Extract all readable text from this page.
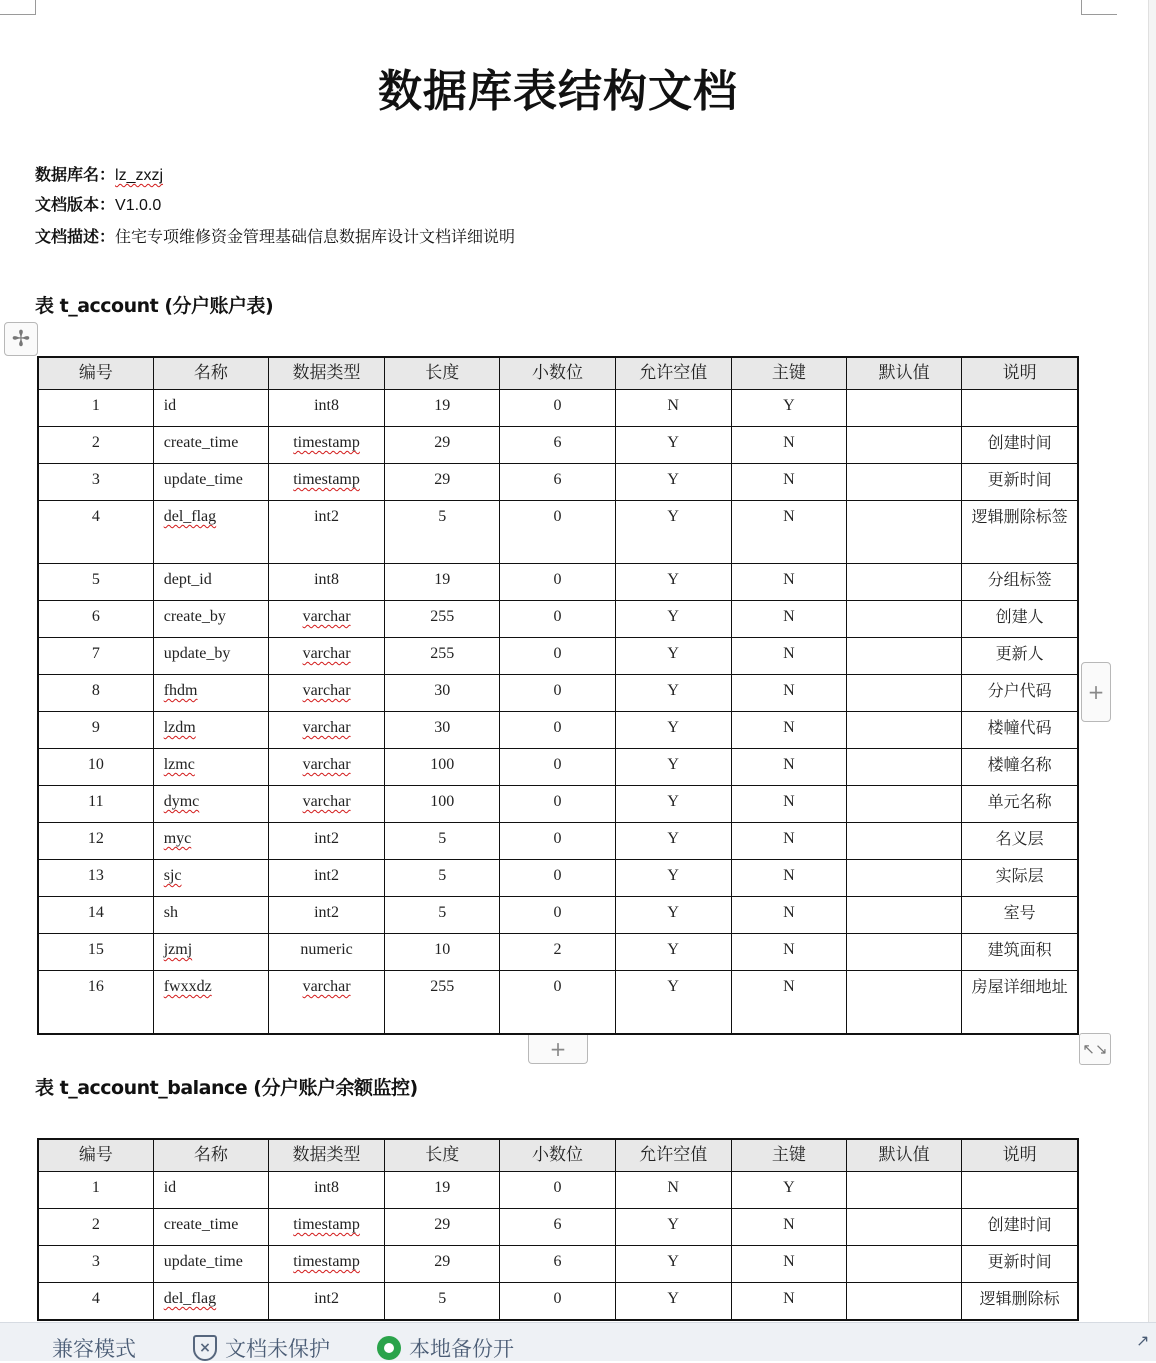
数据库表结构文档
数据库名：lz_zxzj
文档版本：V1.0.0
文档描述：住宅专项维修资金管理基础信息数据库设计文档详细说明
表 t_account (分户账户表)
✢
编号	名称	数据类型	长度	小数位	允许空值	主键	默认值	说明
1	id	int8	19	0	N	Y		
2	create_time	timestamp	29	6	Y	N		创建时间
3	update_time	timestamp	29	6	Y	N		更新时间
4	del_flag	int2	5	0	Y	N		逻辑删除标签
5	dept_id	int8	19	0	Y	N		分组标签
6	create_by	varchar	255	0	Y	N		创建人
7	update_by	varchar	255	0	Y	N		更新人
8	fhdm	varchar	30	0	Y	N		分户代码
9	lzdm	varchar	30	0	Y	N		楼幢代码
10	lzmc	varchar	100	0	Y	N		楼幢名称
11	dymc	varchar	100	0	Y	N		单元名称
12	myc	int2	5	0	Y	N		名义层
13	sjc	int2	5	0	Y	N		实际层
14	sh	int2	5	0	Y	N		室号
15	jzmj	numeric	10	2	Y	N		建筑面积
16	fwxxdz	varchar	255	0	Y	N		房屋详细地址
+
+	↖↘
表 t_account_balance (分户账户余额监控)
编号	名称	数据类型	长度	小数位	允许空值	主键	默认值	说明
1	id	int8	19	0	N	Y		
2	create_time	timestamp	29	6	Y	N		创建时间
3	update_time	timestamp	29	6	Y	N		更新时间
4	del_flag	int2	5	0	Y	N		逻辑删除标
兼容模式	× 文档未保护	本地备份开	↗
